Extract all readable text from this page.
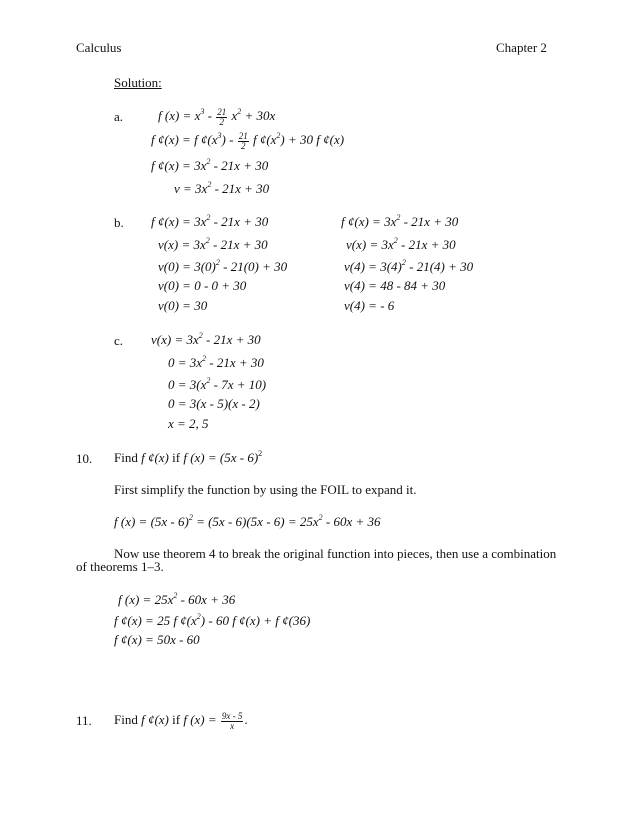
Calculus	Chapter 2
Solution:
a.	f $(x) = x^3 - \frac{21}{2} x^2 + 30x$
f ¢(x) = f $¢(x^3) - \frac{21}{2}$ f $¢(x^2) + 30$ f ¢(x)
f ¢(x) = $3x^2 - 21x + 30$
$v = 3x^2 - 21x + 30$
b. f ¢(x) = $3x^2 - 21x + 30$
$v(x) = 3x^2 - 21x + 30$
$v(0) = 3(0)^2 - 21(0) + 30$
v(0) = 0 - 0 + 30
v(0) = 30
f ¢(x) = $3x^2 - 21x + 30$
$v(x) = 3x^2 - 21x + 30$
$v(4) = 3(4)^2 - 21(4) + 30$
v(4) = 48 - 84 + 30
v(4) = - 6
c. $v(x) = 3x^2 - 21x + 30$
$0 = 3x^2 - 21x + 30$
$0 = 3(x^2 - 7x + 10)$
0 = 3(x - 5)(x - 2)
x = 2, 5
10. Find f ¢(x) if f (x) = (5x - 6)$^2$
First simplify the function by using the FOIL to expand it.
f $(x) = (5x - 6)^2 = (5x - 6)(5x - 6) = 25x^2 - 60x + 36$
Now use theorem 4 to break the original function into pieces, then use a combination
of theorems 1–3.
f $(x) = 25x^2 - 60x + 36$
f ¢(x) = 25 f $¢(x^2) - 60$ f ¢(x) + f ¢(36)
f ¢(x) = 50x - 60
11. Find f ¢(x) if f $(x) = \frac{9x - 5}{x}$ .
